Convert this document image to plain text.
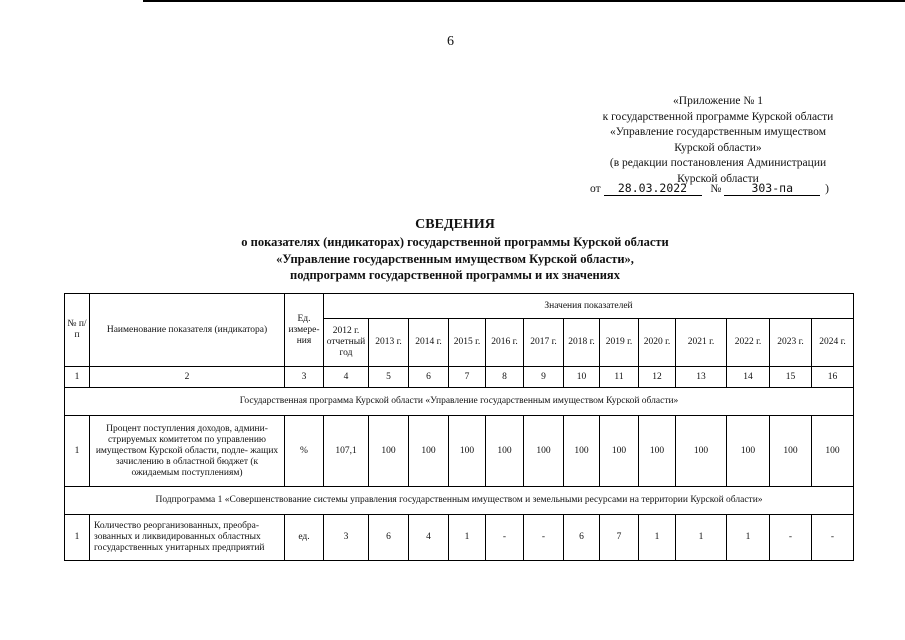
6
«Приложение № 1
к государственной программе Курской области
«Управление государственным имуществом
Курской области»
(в редакции постановления Администрации
Курской области
от 28.03.2022 №	303-па	)
СВЕДЕНИЯ
о показателях (индикаторах) государственной программы Курской области
«Управление государственным имуществом Курской области»,
подпрограмм государственной программы и их значениях
№ п/п	Наименование показателя (индикатора)	Ед. измере- ния	Значения показателей												
			2012 г. отчетный год	2013 г.	2014 г.	2015 г.	2016 г.	2017 г.	2018 г.	2019 г.	2020 г.	2021 г.	2022 г.	2023 г.	2024 г.
1	2	3	4	5	6	7	8	9	10	11	12	13	14	15	16
Государственная программа Курской области «Управление государственным имуществом Курской области»															
1	Процент поступления доходов, админи- стрируемых комитетом по управлению имуществом Курской области, подле- жащих зачислению в областной бюджет (к ожидаемым поступлениям)	%	107,1	100	100	100	100	100	100	100	100	100	100	100	100
Подпрограмма 1 «Совершенствование системы управления государственным имуществом и земельными ресурсами на территории Курской области»															
1	Количество реорганизованных, преобра- зованных и ликвидированных областных государственных унитарных предприятий	ед.	3	6	4	1	-	-	6	7	1	1	1	-	-
